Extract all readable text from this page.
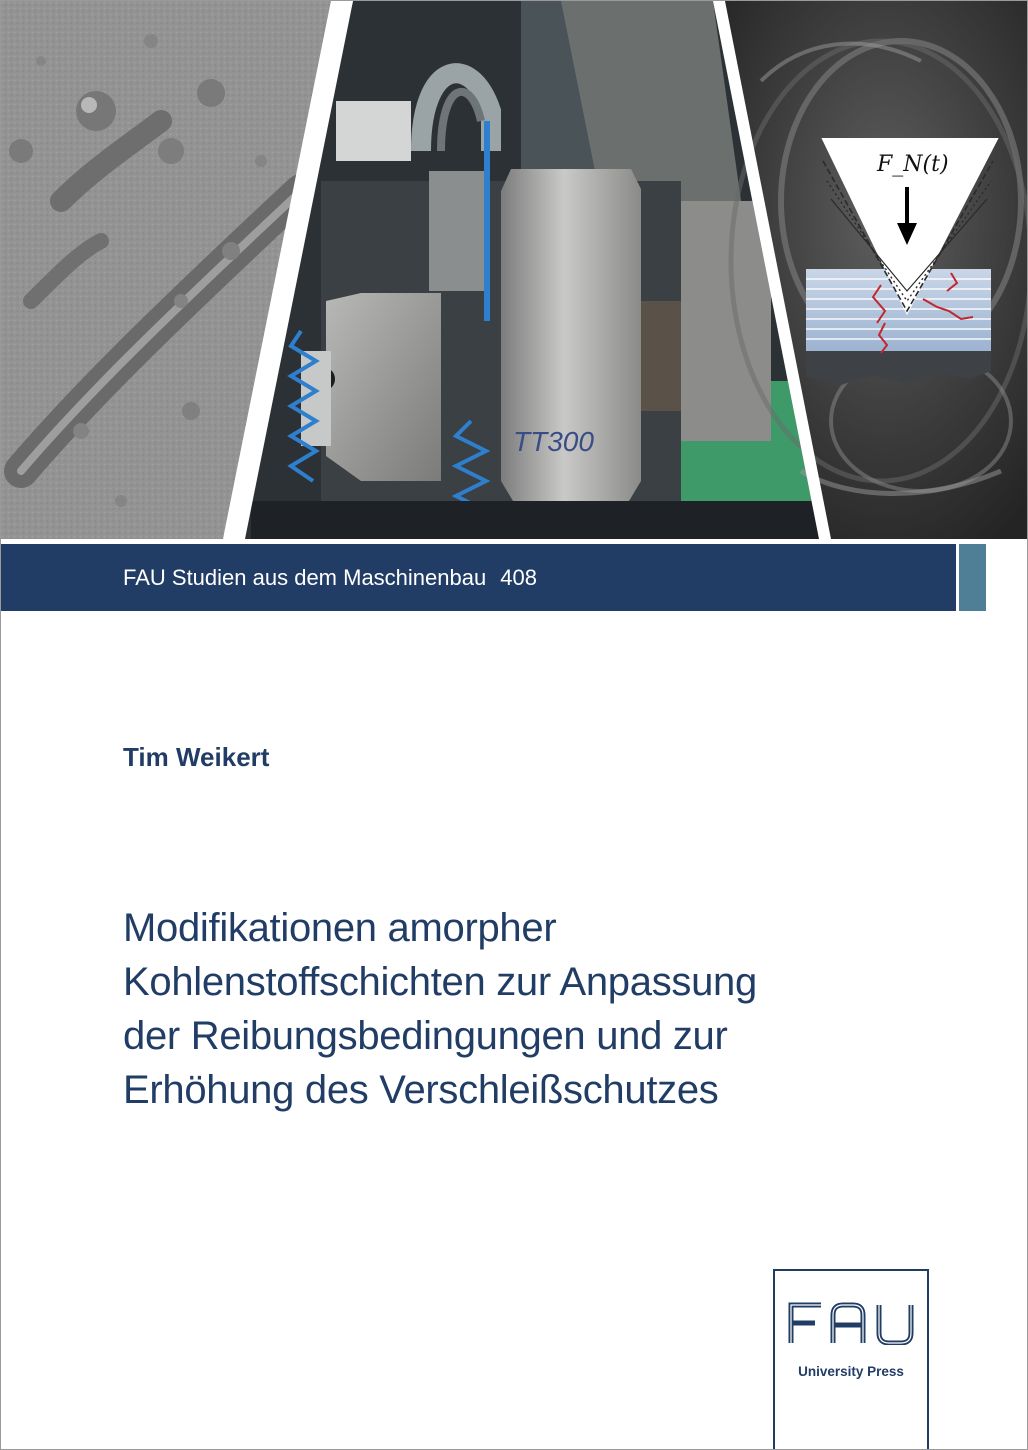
TT300
F_N(t)
FAU Studien aus dem Maschinenbau 408
Tim Weikert
Modifikationen amorpher
Kohlenstoffschichten zur Anpassung
der Reibungsbedingungen und zur
Erhöhung des Verschleißschutzes
University Press
